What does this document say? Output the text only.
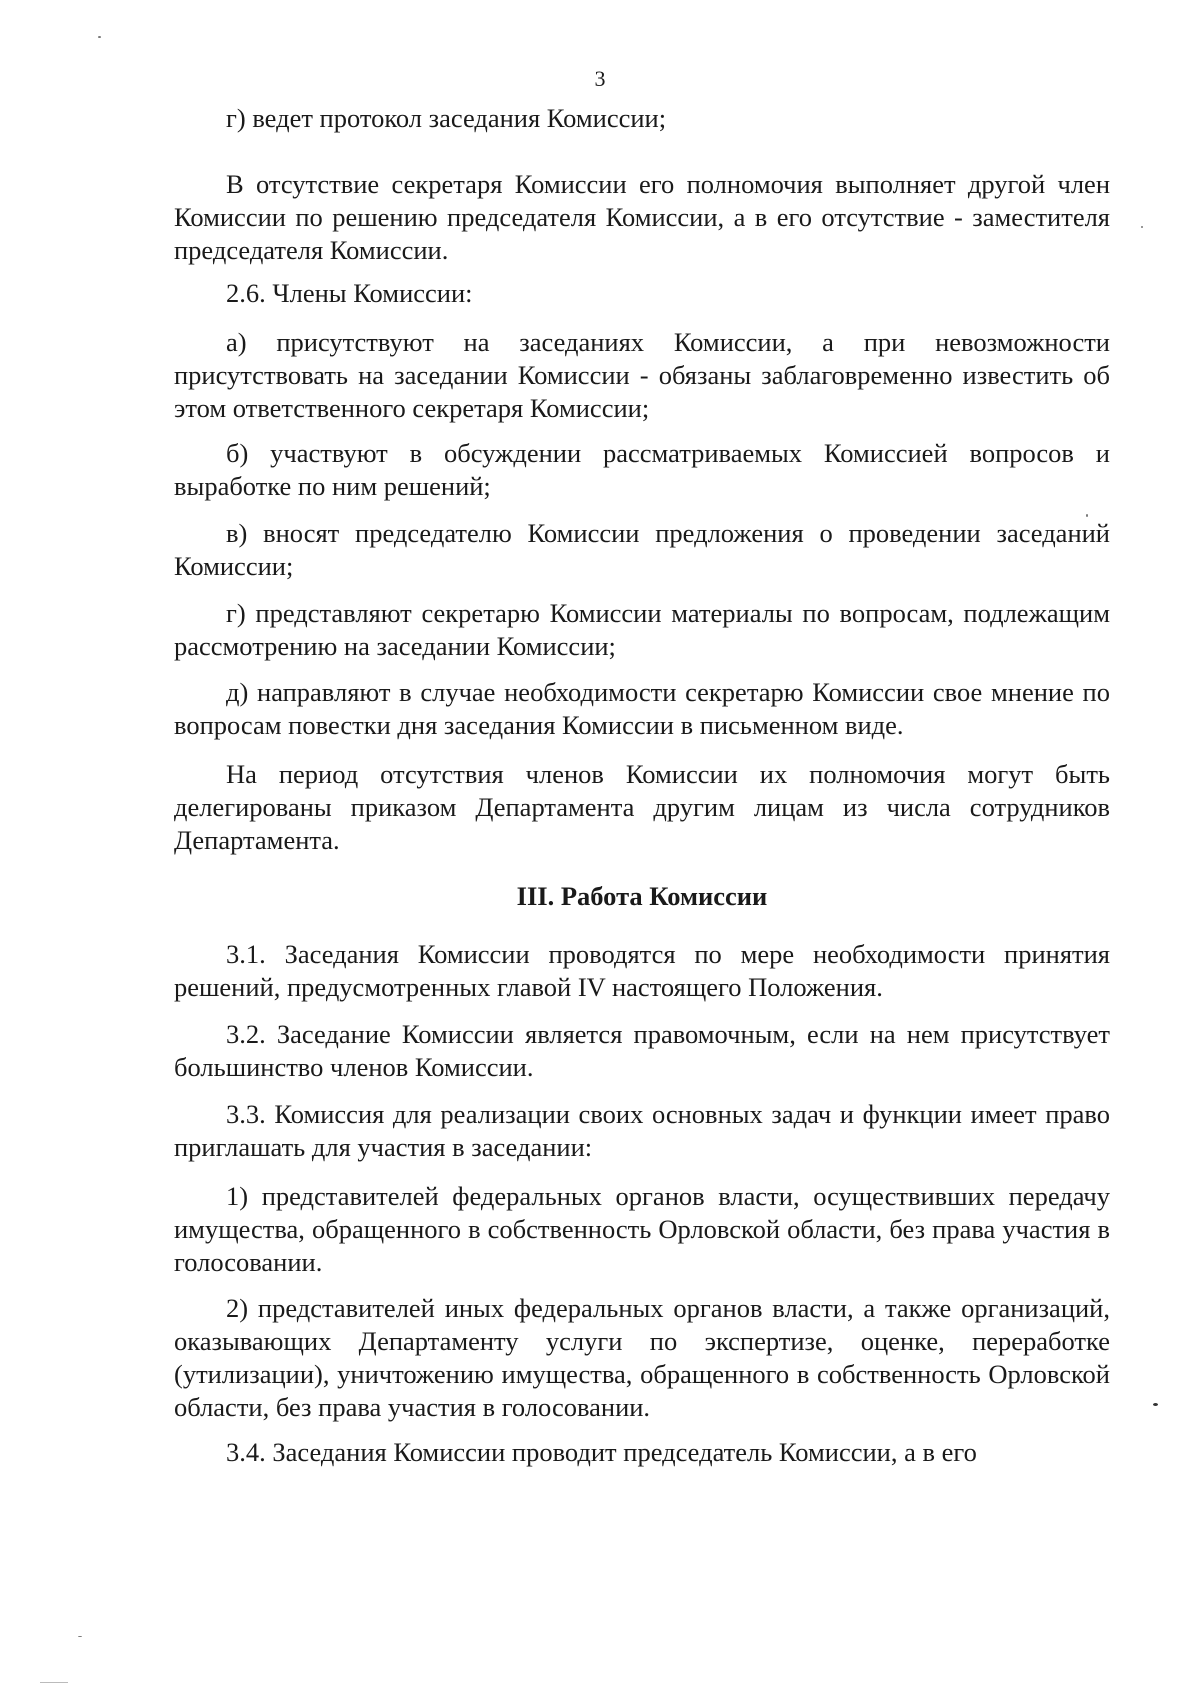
3

г) ведет протокол заседания Комиссии;

В отсутствие секретаря Комиссии его полномочия выполняет другой член Комиссии по решению председателя Комиссии, а в его отсутствие - заместителя председателя Комиссии.

2.6. Члены Комиссии:

а) присутствуют на заседаниях Комиссии, а при невозможности присутствовать на заседании Комиссии - обязаны заблаговременно известить об этом ответственного секретаря Комиссии;

б) участвуют в обсуждении рассматриваемых Комиссией вопросов и выработке по ним решений;

в) вносят председателю Комиссии предложения о проведении заседаний Комиссии;

г) представляют секретарю Комиссии материалы по вопросам, подлежащим рассмотрению на заседании Комиссии;

д) направляют в случае необходимости секретарю Комиссии свое мнение по вопросам повестки дня заседания Комиссии в письменном виде.

На период отсутствия членов Комиссии их полномочия могут быть делегированы приказом Департамента другим лицам из числа сотрудников Департамента.

III. Работа Комиссии

3.1. Заседания Комиссии проводятся по мере необходимости принятия решений, предусмотренных главой IV настоящего Положения.

3.2. Заседание Комиссии является правомочным, если на нем присутствует большинство членов Комиссии.

3.3. Комиссия для реализации своих основных задач и функции имеет право приглашать для участия в заседании:

1) представителей федеральных органов власти, осуществивших передачу имущества, обращенного в собственность Орловской области, без права участия в голосовании.

2) представителей иных федеральных органов власти, а также организаций, оказывающих Департаменту услуги по экспертизе, оценке, переработке (утилизации), уничтожению имущества, обращенного в собственность Орловской области, без права участия в голосовании.

3.4. Заседания Комиссии проводит председатель Комиссии, а в его
